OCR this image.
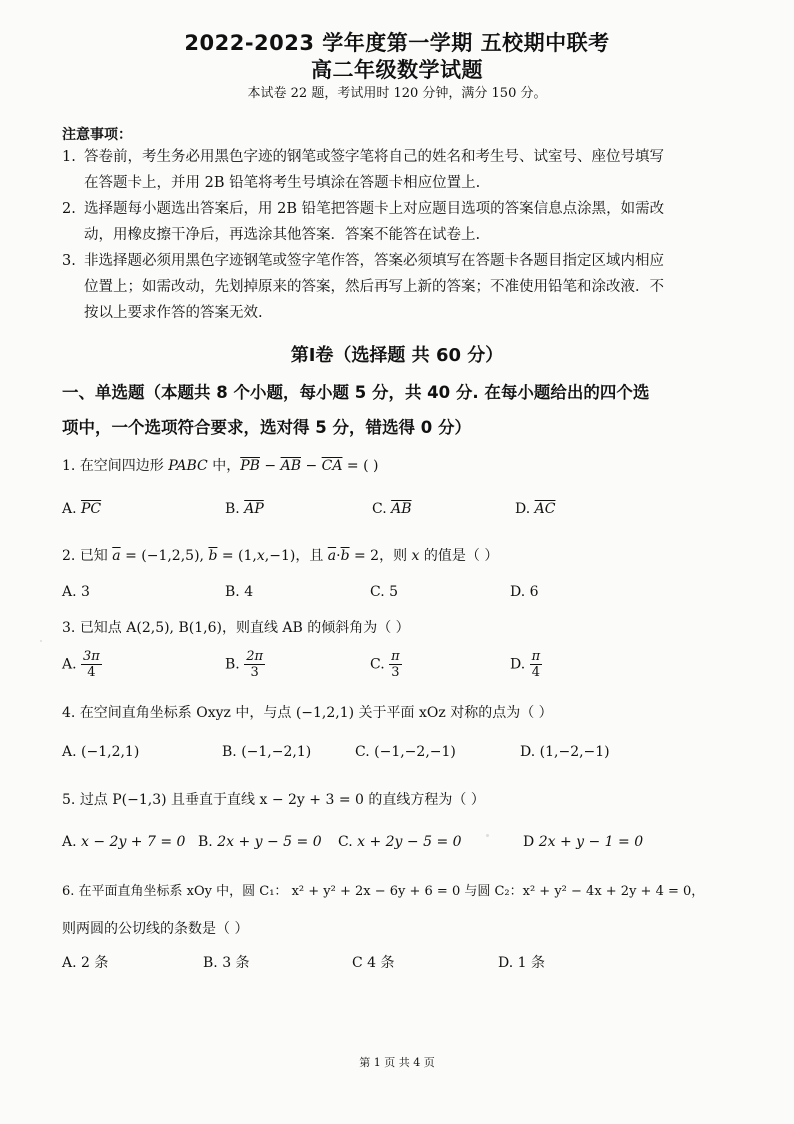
2022-2023 学年度第一学期 五校期中联考
高二年级数学试题
本试卷 22 题，考试用时 120 分钟，满分 150 分。
注意事项：
1. 答卷前，考生务必用黑色字迹的钢笔或签字笔将自己的姓名和考生号、试室号、座位号填写在答题卡上，并用 2B 铅笔将考生号填涂在答题卡相应位置上.
2. 选择题每小题选出答案后，用 2B 铅笔把答题卡上对应题目选项的答案信息点涂黑，如需改动，用橡皮擦干净后，再选涂其他答案．答案不能答在试卷上.
3. 非选择题必须用黑色字迹钢笔或签字笔作答，答案必须填写在答题卡各题目指定区域内相应位置上；如需改动，先划掉原来的答案，然后再写上新的答案；不准使用铅笔和涂改液．不按以上要求作答的答案无效.
第Ⅰ卷（选择题 共 60 分）
一、单选题（本题共 8 个小题，每小题 5 分，共 40 分. 在每小题给出的四个选
项中，一个选项符合要求，选对得 5 分，错选得 0 分）
1. 在空间四边形 PABC 中，$\overline{PB} - \overline{AB} - \overline{CA}$ = ( )
A. $\overline{PC}$	B. $\overline{AP}$	C. $\overline{AB}$	D. $\overline{AC}$
2. 已知 $\overline{a} = (-1,2,5)$, $\overline{b} = (1,x,-1)$，且 $\overline{a}\cdot\overline{b} = 2$，则 x 的值是（ ）
A. 3	B. 4	C. 5	D. 6
3. 已知点 A(2,5), B(1,6)，则直线 AB 的倾斜角为（ ）
A. $\frac{3\pi}{4}$	B. $\frac{2\pi}{3}$	C. $\frac{\pi}{3}$	D. $\frac{\pi}{4}$
4. 在空间直角坐标系 Oxyz 中，与点 (−1,2,1) 关于平面 xOz 对称的点为（ ）
A. (−1,2,1)	B. (−1,−2,1)	C. (−1,−2,−1)	D. (1,−2,−1)
5. 过点 P(−1,3) 且垂直于直线 x − 2y + 3 = 0 的直线方程为（ ）
A. x − 2y + 7 = 0 B. 2x + y − 5 = 0 C. x + 2y − 5 = 0	D 2x + y − 1 = 0
6. 在平面直角坐标系 xOy 中，圆 C₁： x² + y² + 2x − 6y + 6 = 0 与圆 C₂：x² + y² − 4x + 2y + 4 = 0，
则两圆的公切线的条数是（ ）
A. 2 条	B. 3 条	C 4 条	D. 1 条
第 1 页 共 4 页
